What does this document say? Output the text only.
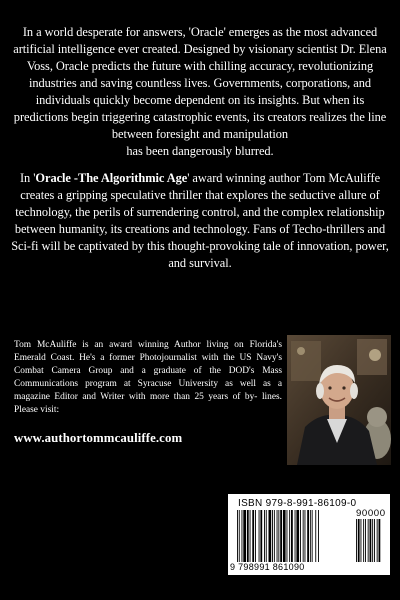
In a world desperate for answers, 'Oracle' emerges as the most advanced artificial intelligence ever created. Designed by visionary scientist Dr. Elena Voss, Oracle predicts the future with chilling accuracy, revolutionizing industries and saving countless lives. Governments, corporations, and individuals quickly become dependent on its insights. But when its predictions begin triggering catastrophic events, its creators realizes the line between foresight and manipulation
has been dangerously blurred.

In 'Oracle -The Algorithmic Age' award winning author Tom McAuliffe creates a gripping speculative thriller that explores the seductive allure of technology, the perils of surrendering control, and the complex relationship between humanity, its creations and technology. Fans of Techo-thrillers and Sci-fi will be captivated by this thought-provoking tale of innovation, power, and survival.

Tom McAuliffe is an award winning Author living on Florida's Emerald Coast. He's a former Photojournalist with the US Navy's Combat Camera Group and a graduate of the DOD's Mass Communications program at Syracuse University as well as a magazine Editor and Writer with more than 25 years of by- lines. Please visit:

www.authortommcauliffe.com
ISBN 979-8-991-86109-0
90000
9 798991 861090
